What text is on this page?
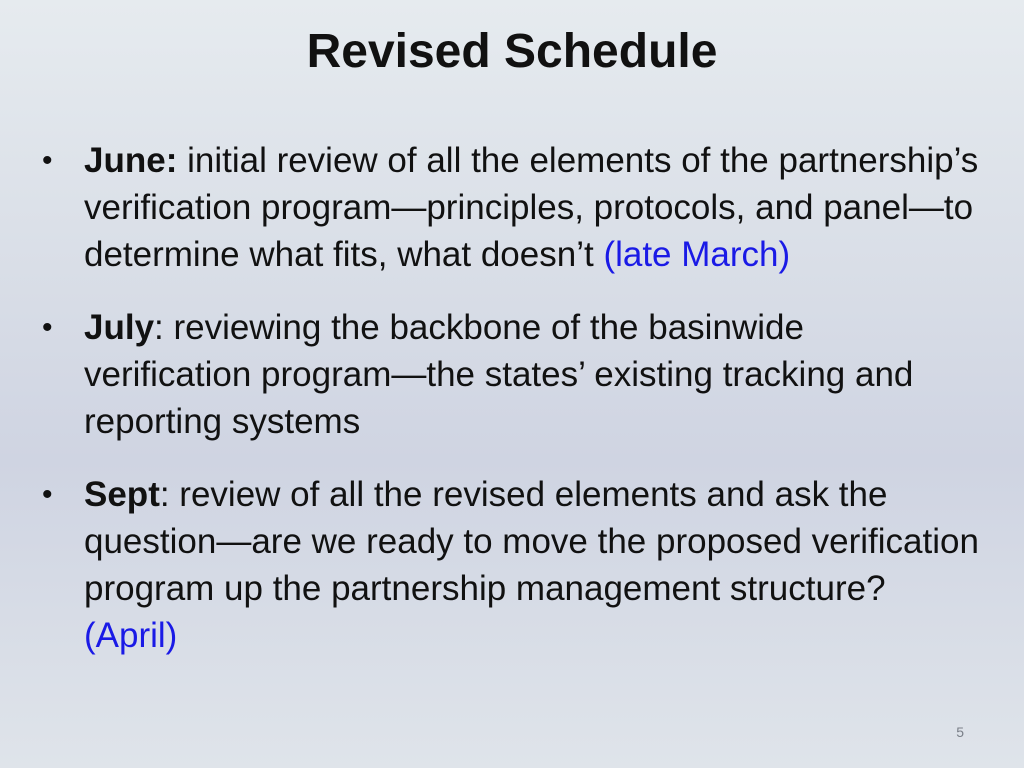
Revised Schedule
• June: initial review of all the elements of the partnership’s verification program—principles, protocols, and panel—to determine what fits, what doesn’t (late March)
• July: reviewing the backbone of the basinwide verification program—the states’ existing tracking and reporting systems
• Sept: review of all the revised elements and ask the question—are we ready to move the proposed verification program up the partnership management structure? (April)
5
